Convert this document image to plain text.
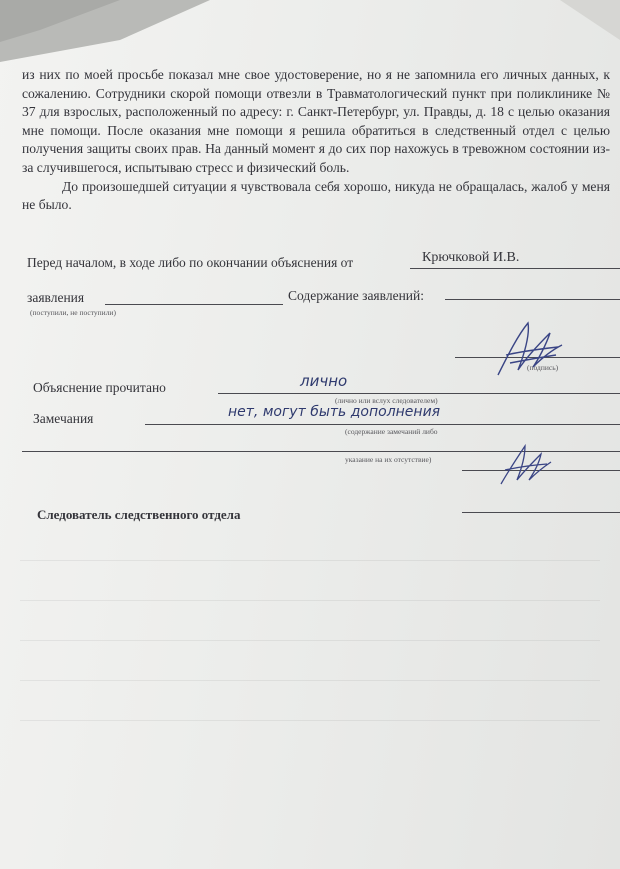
из них по моей просьбе показал мне свое удостоверение, но я не запомнила его личных данных, к сожалению. Сотрудники скорой помощи отвезли в Травматологический пункт при поликлинике № 37 для взрослых, расположенный по адресу: г. Санкт-Петербург, ул. Правды, д. 18 с целью оказания мне помощи. После оказания мне помощи я решила обратиться в следственный отдел с целью получения защиты своих прав. На данный момент я до сих пор нахожусь в тревожном состоянии из-за случившегося, испытываю стресс и физический боль.

До произошедшей ситуации я чувствовала себя хорошо, никуда не обращалась, жалоб у меня не было.

Перед началом, в ходе либо по окончании объяснения от	Крючковой И.В.
заявления
(поступили, не поступили)
Содержание заявлений:
(подпись)
Объяснение прочитано	лично
(лично или вслух следователем)
Замечания	нет, могут быть дополнения
(содержание замечаний либо
указание на их отсутствие)
Следователь следственного отдела
